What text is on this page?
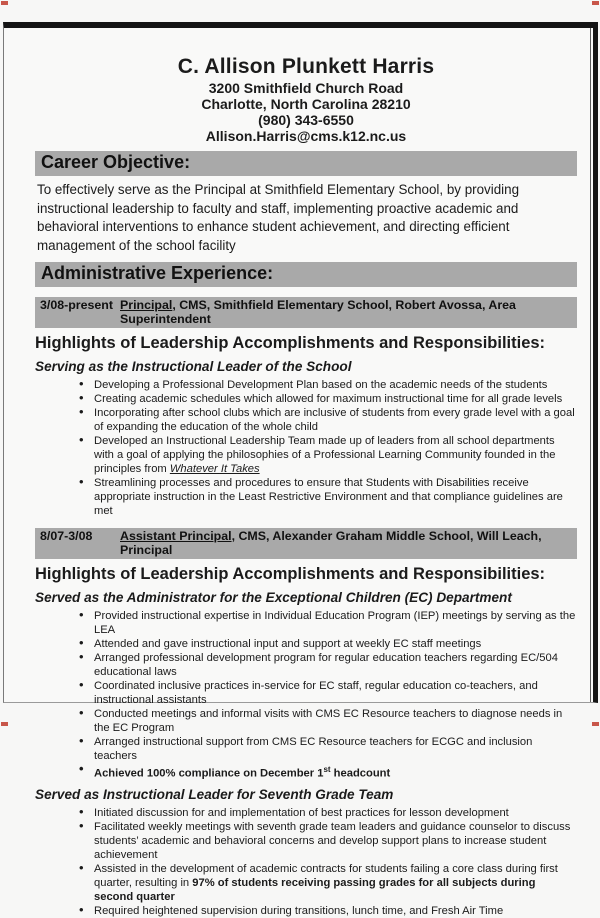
C. Allison Plunkett Harris
3200 Smithfield Church Road
Charlotte, North Carolina 28210
(980) 343-6550
Allison.Harris@cms.k12.nc.us
Career Objective:
To effectively serve as the Principal at Smithfield Elementary School, by providing instructional leadership to faculty and staff, implementing proactive academic and behavioral interventions to enhance student achievement, and directing efficient management of the school facility
Administrative Experience:
3/08-present Principal, CMS, Smithfield Elementary School, Robert Avossa, Area Superintendent
Highlights of Leadership Accomplishments and Responsibilities:
Serving as the Instructional Leader of the School
• Developing a Professional Development Plan based on the academic needs of the students
• Creating academic schedules which allowed for maximum instructional time for all grade levels
• Incorporating after school clubs which are inclusive of students from every grade level with a goal of expanding the education of the whole child
• Developed an Instructional Leadership Team made up of leaders from all school departments with a goal of applying the philosophies of a Professional Learning Community founded in the principles from Whatever It Takes
• Streamlining processes and procedures to ensure that Students with Disabilities receive appropriate instruction in the Least Restrictive Environment and that compliance guidelines are met
8/07-3/08	Assistant Principal, CMS, Alexander Graham Middle School, Will Leach, Principal
Highlights of Leadership Accomplishments and Responsibilities:
Served as the Administrator for the Exceptional Children (EC) Department
• Provided instructional expertise in Individual Education Program (IEP) meetings by serving as the LEA
• Attended and gave instructional input and support at weekly EC staff meetings
• Arranged professional development program for regular education teachers regarding EC/504 educational laws
• Coordinated inclusive practices in-service for EC staff, regular education co-teachers, and instructional assistants
• Conducted meetings and informal visits with CMS EC Resource teachers to diagnose needs in the EC Program
• Arranged instructional support from CMS EC Resource teachers for ECGC and inclusion teachers
• Achieved 100% compliance on December 1st headcount
Served as Instructional Leader for Seventh Grade Team
• Initiated discussion for and implementation of best practices for lesson development
• Facilitated weekly meetings with seventh grade team leaders and guidance counselor to discuss students’ academic and behavioral concerns and develop support plans to increase student achievement
• Assisted in the development of academic contracts for students failing a core class during first quarter, resulting in 97% of students receiving passing grades for all subjects during second quarter
• Required heightened supervision during transitions, lunch time, and Fresh Air Time
